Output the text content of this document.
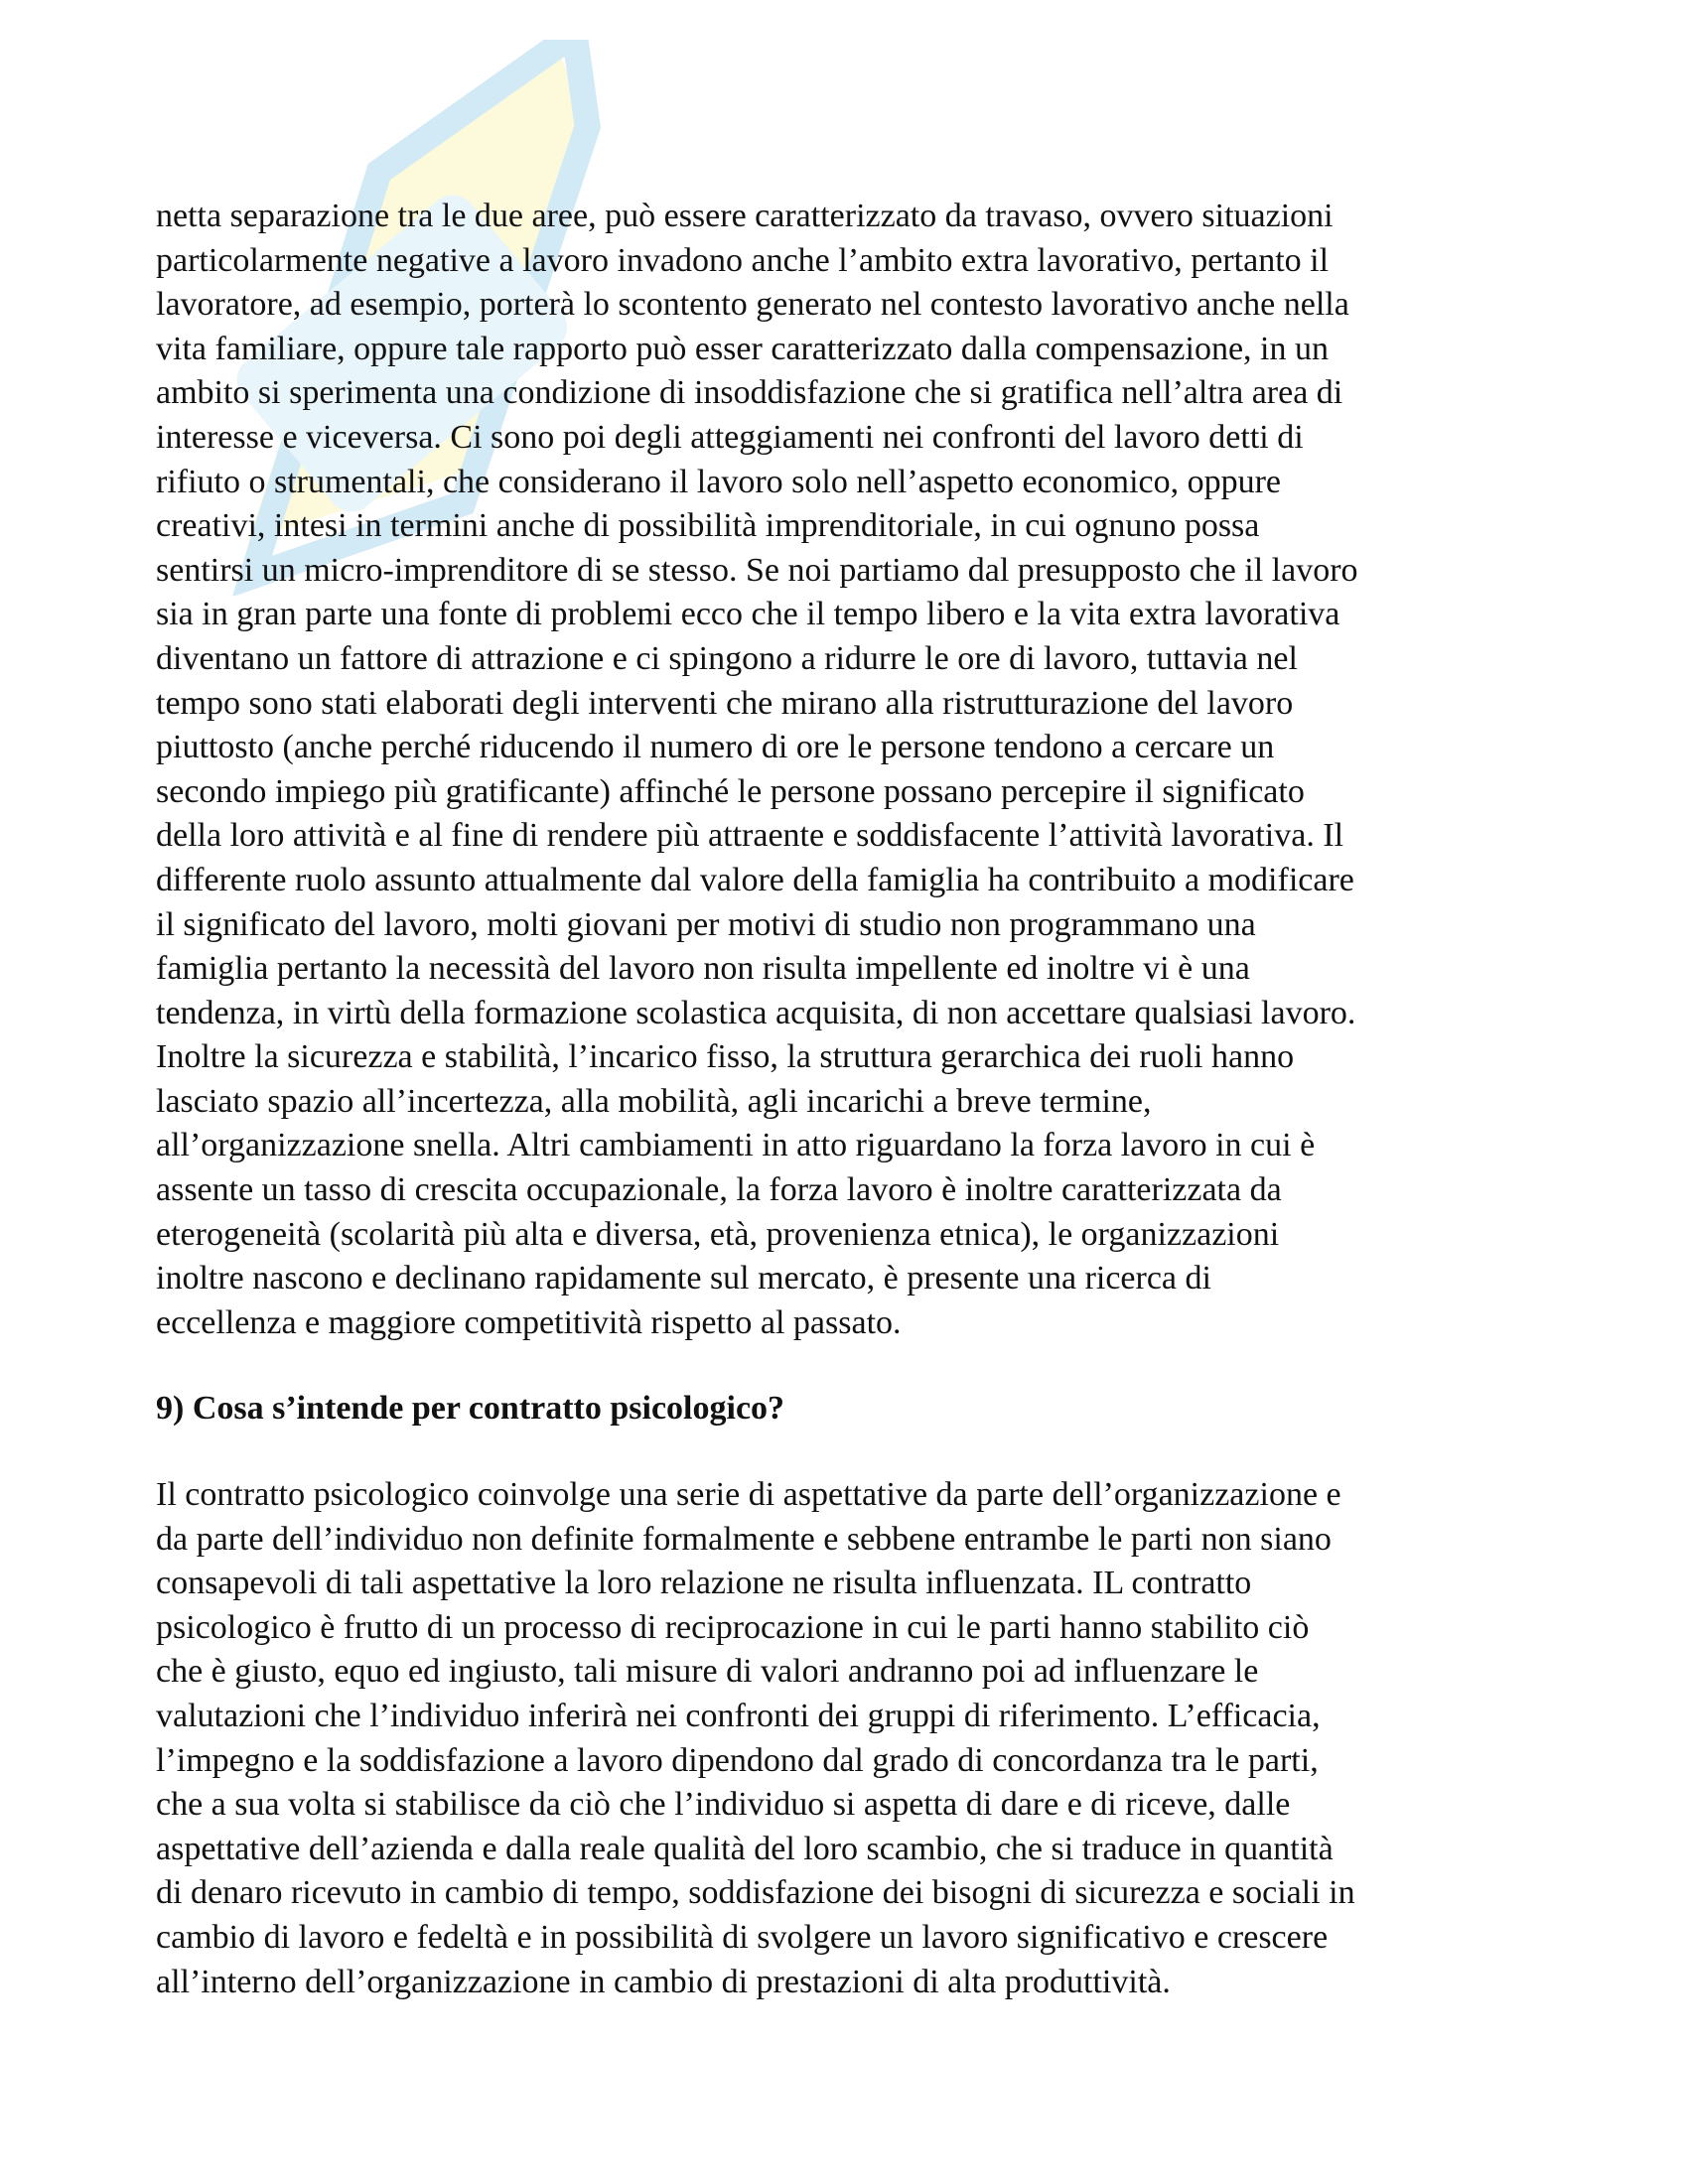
netta separazione tra le due aree, può essere caratterizzato da travaso, ovvero situazioni
particolarmente negative a lavoro invadono anche l’ambito extra lavorativo, pertanto il
lavoratore, ad esempio, porterà lo scontento generato nel contesto lavorativo anche nella
vita familiare, oppure tale rapporto può esser caratterizzato dalla compensazione, in un
ambito si sperimenta una condizione di insoddisfazione che si gratifica nell’altra area di
interesse e viceversa. Ci sono poi degli atteggiamenti nei confronti del lavoro detti di
rifiuto o strumentali, che considerano il lavoro solo nell’aspetto economico, oppure
creativi, intesi in termini anche di possibilità imprenditoriale, in cui ognuno possa
sentirsi un micro-imprenditore di se stesso. Se noi partiamo dal presupposto che il lavoro
sia in gran parte una fonte di problemi ecco che il tempo libero e la vita extra lavorativa
diventano un fattore di attrazione e ci spingono a ridurre le ore di lavoro, tuttavia nel
tempo sono stati elaborati degli interventi che mirano alla ristrutturazione del lavoro
piuttosto (anche perché riducendo il numero di ore le persone tendono a cercare un
secondo impiego più gratificante) affinché le persone possano percepire il significato
della loro attività e al fine di rendere più attraente e soddisfacente l’attività lavorativa. Il
differente ruolo assunto attualmente dal valore della famiglia ha contribuito a modificare
il significato del lavoro, molti giovani per motivi di studio non programmano una
famiglia pertanto la necessità del lavoro non risulta impellente ed inoltre vi è una
tendenza, in virtù della formazione scolastica acquisita, di non accettare qualsiasi lavoro.
Inoltre la sicurezza e stabilità, l’incarico fisso, la struttura gerarchica dei ruoli hanno
lasciato spazio all’incertezza, alla mobilità, agli incarichi a breve termine,
all’organizzazione snella. Altri cambiamenti in atto riguardano la forza lavoro in cui è
assente un tasso di crescita occupazionale, la forza lavoro è inoltre caratterizzata da
eterogeneità (scolarità più alta e diversa, età, provenienza etnica), le organizzazioni
inoltre nascono e declinano rapidamente sul mercato, è presente una ricerca di
eccellenza e maggiore competitività rispetto al passato.
9) Cosa s’intende per contratto psicologico?
Il contratto psicologico coinvolge una serie di aspettative da parte dell’organizzazione e
da parte dell’individuo non definite formalmente e sebbene entrambe le parti non siano
consapevoli di tali aspettative la loro relazione ne risulta influenzata. IL contratto
psicologico è frutto di un processo di reciprocazione in cui le parti hanno stabilito ciò
che è giusto, equo ed ingiusto, tali misure di valori andranno poi ad influenzare le
valutazioni che l’individuo inferirà nei confronti dei gruppi di riferimento. L’efficacia,
l’impegno e la soddisfazione a lavoro dipendono dal grado di concordanza tra le parti,
che a sua volta si stabilisce da ciò che l’individuo si aspetta di dare e di riceve, dalle
aspettative dell’azienda e dalla reale qualità del loro scambio, che si traduce in quantità
di denaro ricevuto in cambio di tempo, soddisfazione dei bisogni di sicurezza e sociali in
cambio di lavoro e fedeltà e in possibilità di svolgere un lavoro significativo e crescere
all’interno dell’organizzazione in cambio di prestazioni di alta produttività.
